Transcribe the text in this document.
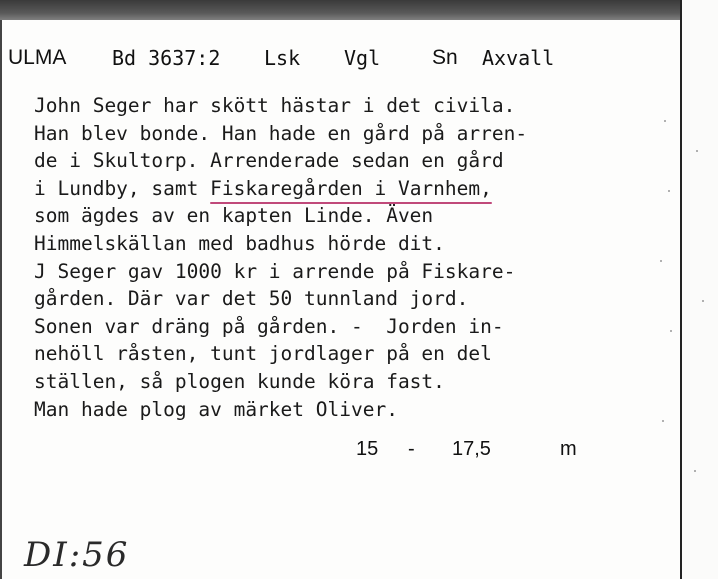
ULMA

Bd 3637:2

Lsk

Vgl

Sn

Axvall

John Seger har skött hästar i det civila.
Han blev bonde. Han hade en gård på arren-
de i Skultorp. Arrenderade sedan en gård
i Lundby, samt Fiskaregården i Varnhem,
som ägdes av en kapten Linde. Även
Himmelskällan med badhus hörde dit.
J Seger gav 1000 kr i arrende på Fiskare-
gården. Där var det 50 tunnland jord.
Sonen var dräng på gården. -  Jorden in-
nehöll råsten, tunt jordlager på en del
ställen, så plogen kunde köra fast.
Man hade plog av märket Oliver.
15 - 17,5	m
DI:56
